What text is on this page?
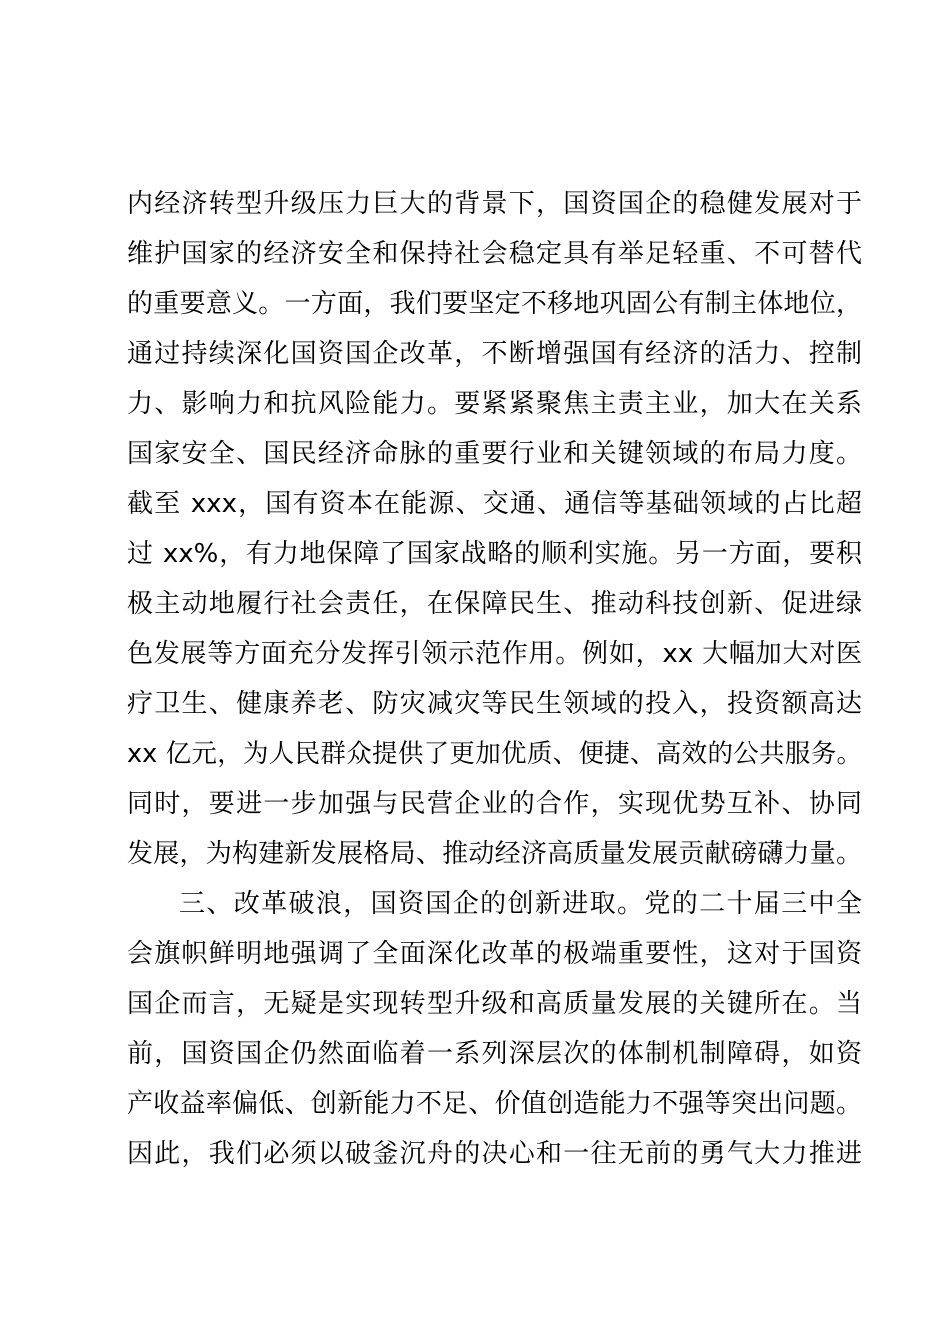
内经济转型升级压力巨大的背景下，国资国企的稳健发展对于
维护国家的经济安全和保持社会稳定具有举足轻重、不可替代
的重要意义。一方面，我们要坚定不移地巩固公有制主体地位，
通过持续深化国资国企改革，不断增强国有经济的活力、控制
力、影响力和抗风险能力。要紧紧聚焦主责主业，加大在关系
国家安全、国民经济命脉的重要行业和关键领域的布局力度。
截至 xxx，国有资本在能源、交通、通信等基础领域的占比超
过 xx%，有力地保障了国家战略的顺利实施。另一方面，要积
极主动地履行社会责任，在保障民生、推动科技创新、促进绿
色发展等方面充分发挥引领示范作用。例如，xx 大幅加大对医
疗卫生、健康养老、防灾减灾等民生领域的投入，投资额高达
xx 亿元，为人民群众提供了更加优质、便捷、高效的公共服务。
同时，要进一步加强与民营企业的合作，实现优势互补、协同
发展，为构建新发展格局、推动经济高质量发展贡献磅礴力量。
三、改革破浪，国资国企的创新进取。党的二十届三中全
会旗帜鲜明地强调了全面深化改革的极端重要性，这对于国资
国企而言，无疑是实现转型升级和高质量发展的关键所在。当
前，国资国企仍然面临着一系列深层次的体制机制障碍，如资
产收益率偏低、创新能力不足、价值创造能力不强等突出问题。
因此，我们必须以破釜沉舟的决心和一往无前的勇气大力推进
